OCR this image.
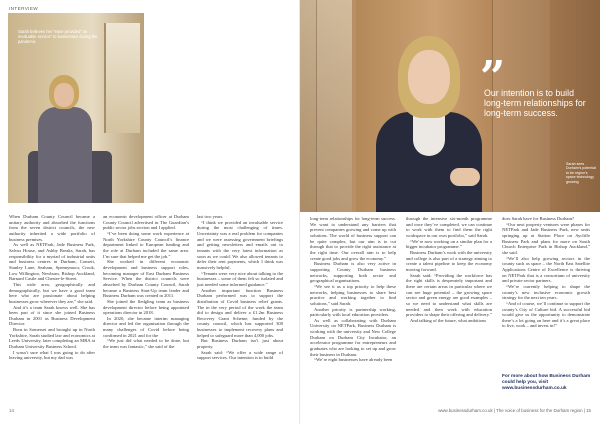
INTERVIEW
Sarah believes her “ease provided” an invaluable service” to businesses during the pandemic

When Durham County Council became a unitary authority and absorbed the functions from the seven district councils, the new authority inherited a wide portfolio of business premises.

As well as NETPark, Jade Business Park, Salvus House, and Ashby Breaks, Sarah, has responsibility for a myriad of industrial units and business centres in Durham, Consett, Stanley Lane, Seaham, Spennymoor, Crook, Low Willington, Newburn, Bishop Auckland, Barnard Castle and Chester-le-Street.

This wide area, geographically and demographically, but we have a good team here who are passionate about helping businesses grow wherever they are,” she said.

And it’s a team Sarah knows well. She has been part of it since she joined Business Durham in 2001 as Business Development Director.

Born in Somerset and brought up in North Yorkshire, Sarah studied law and economics at Leeds University, later completing an MBA at Durham University Business School.

I wasn’t sure what I was going to do after leaving university, but my dad was

an economic development officer at Durham County Council advertised in The Guardian’s public sector jobs section and I applied.

“I’ve been doing some work experience at North Yorkshire County Council’s finance department linked to European funding and the role at Durham included the same area. I’m sure that helped me get the job.”

She worked in different economic development and business support roles, becoming manager of East Durham Business Service. When the district councils were absorbed by Durham County Council, Sarah became a Business Start-Up team leader and Business Durham was created in 2011.

She joined the fledgling team as business development director before being appointed operations director in 2018.

In 2020, she became interim managing director and led the organisation through the many challenges of Covid before being confirmed in 2021 and for the

“We just did what needed to be done, but the team was fantastic,” she said of the

last two years.

“I think we provided an invaluable service during the most challenging of times. Uncertainty was a real problem for companies and we were assessing government briefings and getting newsletters and emails out to tenants with the very latest information as soon as we could. We also allowed tenants to defer their rent payments, which I think was massively helpful.

“Tenants were very nice about talking to the businesses – some of them felt so isolated and just needed some informed guidance.”

Another important function Business Durham performed was to support the distribution of Covid business relief grants. The in the very period of the work the team did to design and deliver a £1.2m Business Recovery Grant Scheme, funded by the county council, which has supported 300 businesses to implement recovery plans and helped to safeguard more than 4,000 jobs.

But Business Durham isn’t just about property.

Sarah said: “We offer a wide range of support services. Our intention is to build

14
”
Our intention is to build long-term relationships for long-term success.
Sarah sees Durham’s potential to be region’s space technology growing

long-term relationships for long-term success. We want to understand any barriers that prevent companies growing and come up with solutions. The world of business support can be quite complex, but our aim is to cut through that to provide the right assistance at the right time. Our overall aim is to help create good jobs and grow the economy.”

Business Durham is also very active in supporting County Durham business networks, supporting both sector and geographical organisations.

“We see it as a top priority to help these networks, helping businesses to share best practice and working together to find solutions,” said Sarah.

Another priority is partnership working, particularly with local education providers.

As well as collaborating with Durham University on NETPark, Business Durham is working with the university and New College Durham on Durham City Incubator, an accelerator programme for entrepreneurs and graduates who are looking to set up and grow their business in Durham.

“We’re eight businesses have already been

through the intensive six-month programme and once they’ve completed, we can continue to work with them to find them the right workspace in our own portfolio,” said Sarah.

“We’re now working on a similar plan for a bigger incubator programme.”

Business Durham’s work with the university and college is also part of a strategy aiming to create a talent pipeline to keep the economy moving forward.

Sarah said: “Providing the workforce has the right skills is desperately important and there are certain areas in particular where we can see huge potential – the growing space sector and green energy are good examples – so we need to understand what skills are needed and then work with education providers to shape their offering and delivery.”

And talking of the future, what ambitions

does Sarah have for Business Durham?

“Our next property ventures were phases for NETPark and Jade Business Park, new units springing up at Station Place on Aycliffe Business Park and plans for more on South Church Enterprise Park in Bishop Auckland,” she said.

“We’ll also help growing sectors in the county such as space – the North East Satellite Applications Centre of Excellence is thriving on NETPark that is a consortium of university and private sector partners.

“We’re currently helping to shape the county’s new inclusive economic growth strategy for the next ten years.

“And of course, we’ll continue to support the county’s City of Culture bid. A successful bid would give us the opportunity to demonstrate there’s a lot going on here and it’s a great place to live, work – and invest in!”

For more about how Business Durham could help you, visit www.businessdurham.co.uk
www.businessdurham.co.uk | The voice of business for the Durham region | 15
